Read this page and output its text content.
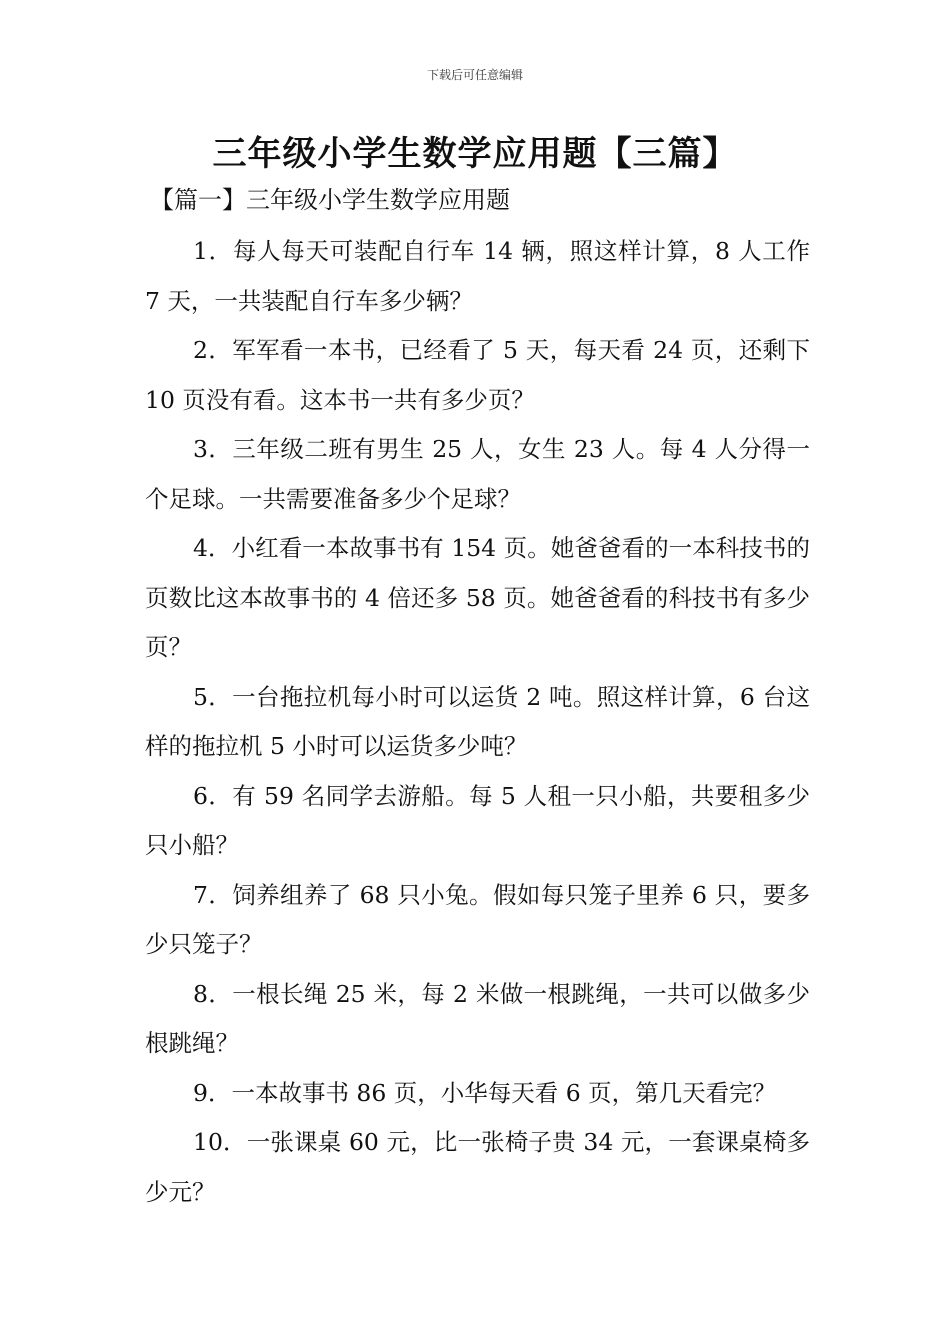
下载后可任意编辑
三年级小学生数学应用题【三篇】
【篇一】三年级小学生数学应用题

1．每人每天可装配自行车 14 辆，照这样计算，8 人工作 7 天，一共装配自行车多少辆？

2．军军看一本书，已经看了 5 天，每天看 24 页，还剩下 10 页没有看。这本书一共有多少页？

3．三年级二班有男生 25 人，女生 23 人。每 4 人分得一个足球。一共需要准备多少个足球？

4．小红看一本故事书有 154 页。她爸爸看的一本科技书的页数比这本故事书的 4 倍还多 58 页。她爸爸看的科技书有多少页？

5．一台拖拉机每小时可以运货 2 吨。照这样计算，6 台这样的拖拉机 5 小时可以运货多少吨？

6．有 59 名同学去游船。每 5 人租一只小船，共要租多少只小船？

7．饲养组养了 68 只小兔。假如每只笼子里养 6 只，要多少只笼子？

8．一根长绳 25 米，每 2 米做一根跳绳，一共可以做多少根跳绳？

9．一本故事书 86 页，小华每天看 6 页，第几天看完？

10．一张课桌 60 元，比一张椅子贵 34 元，一套课桌椅多少元？
